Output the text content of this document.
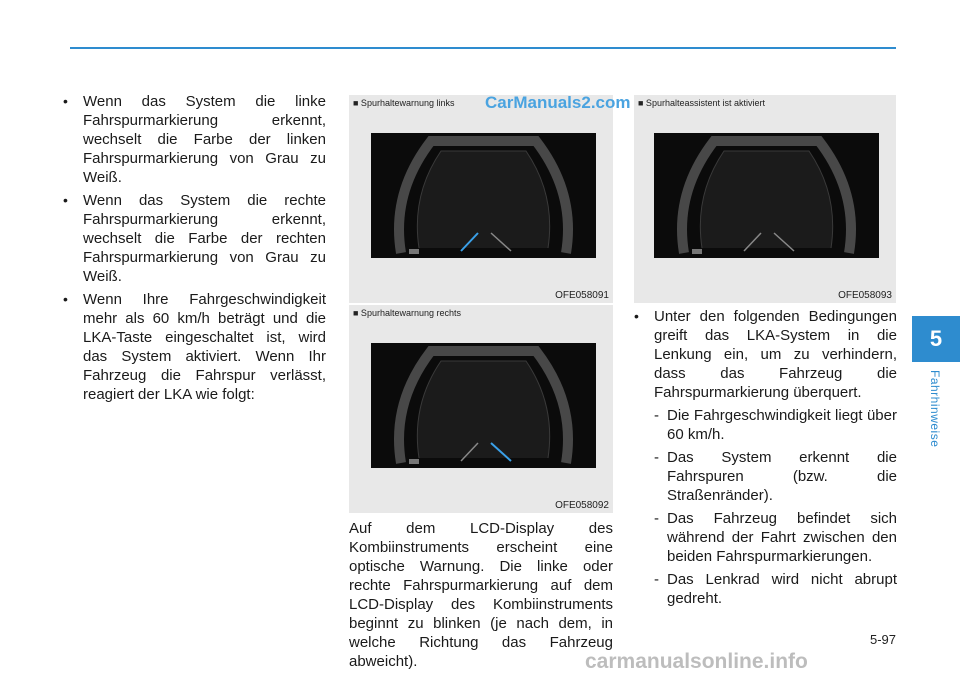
•	Wenn das System die linke Fahrspurmarkierung erkennt, wechselt die Farbe der linken Fahrspurmarkierung von Grau zu Weiß.
•	Wenn das System die rechte Fahrspurmarkierung erkennt, wechselt die Farbe der rechten Fahrspurmarkierung von Grau zu Weiß.
•	Wenn Ihre Fahrgeschwindigkeit mehr als 60 km/h beträgt und die LKA-Taste eingeschaltet ist, wird das System aktiviert. Wenn Ihr Fahrzeug die Fahrspur verlässt, reagiert der LKA wie folgt:
■ Spurhaltewarnung links CarManuals2.com
OFE058091
■ Spurhaltewarnung rechts
OFE058092
■ Spurhalteassistent ist aktiviert
OFE058093
Auf dem LCD-Display des Kombiinstruments erscheint eine optische Warnung. Die linke oder rechte Fahrspurmarkierung auf dem LCD-Display des Kombiinstruments beginnt zu blinken (je nach dem, in welche Richtung das Fahrzeug abweicht).
•	Unter den folgenden Bedingungen greift das LKA-System in die Lenkung ein, um zu verhindern, dass das Fahrzeug die Fahrspurmarkierung überquert.
- Die Fahrgeschwindigkeit liegt über 60 km/h.
- Das System erkennt die Fahrspuren (bzw. die Straßenränder).
- Das Fahrzeug befindet sich während der Fahrt zwischen den beiden Fahrspurmarkierungen.
- Das Lenkrad wird nicht abrupt gedreht.
5
Fahrhinweise
5-97
carmanualsonline.info
